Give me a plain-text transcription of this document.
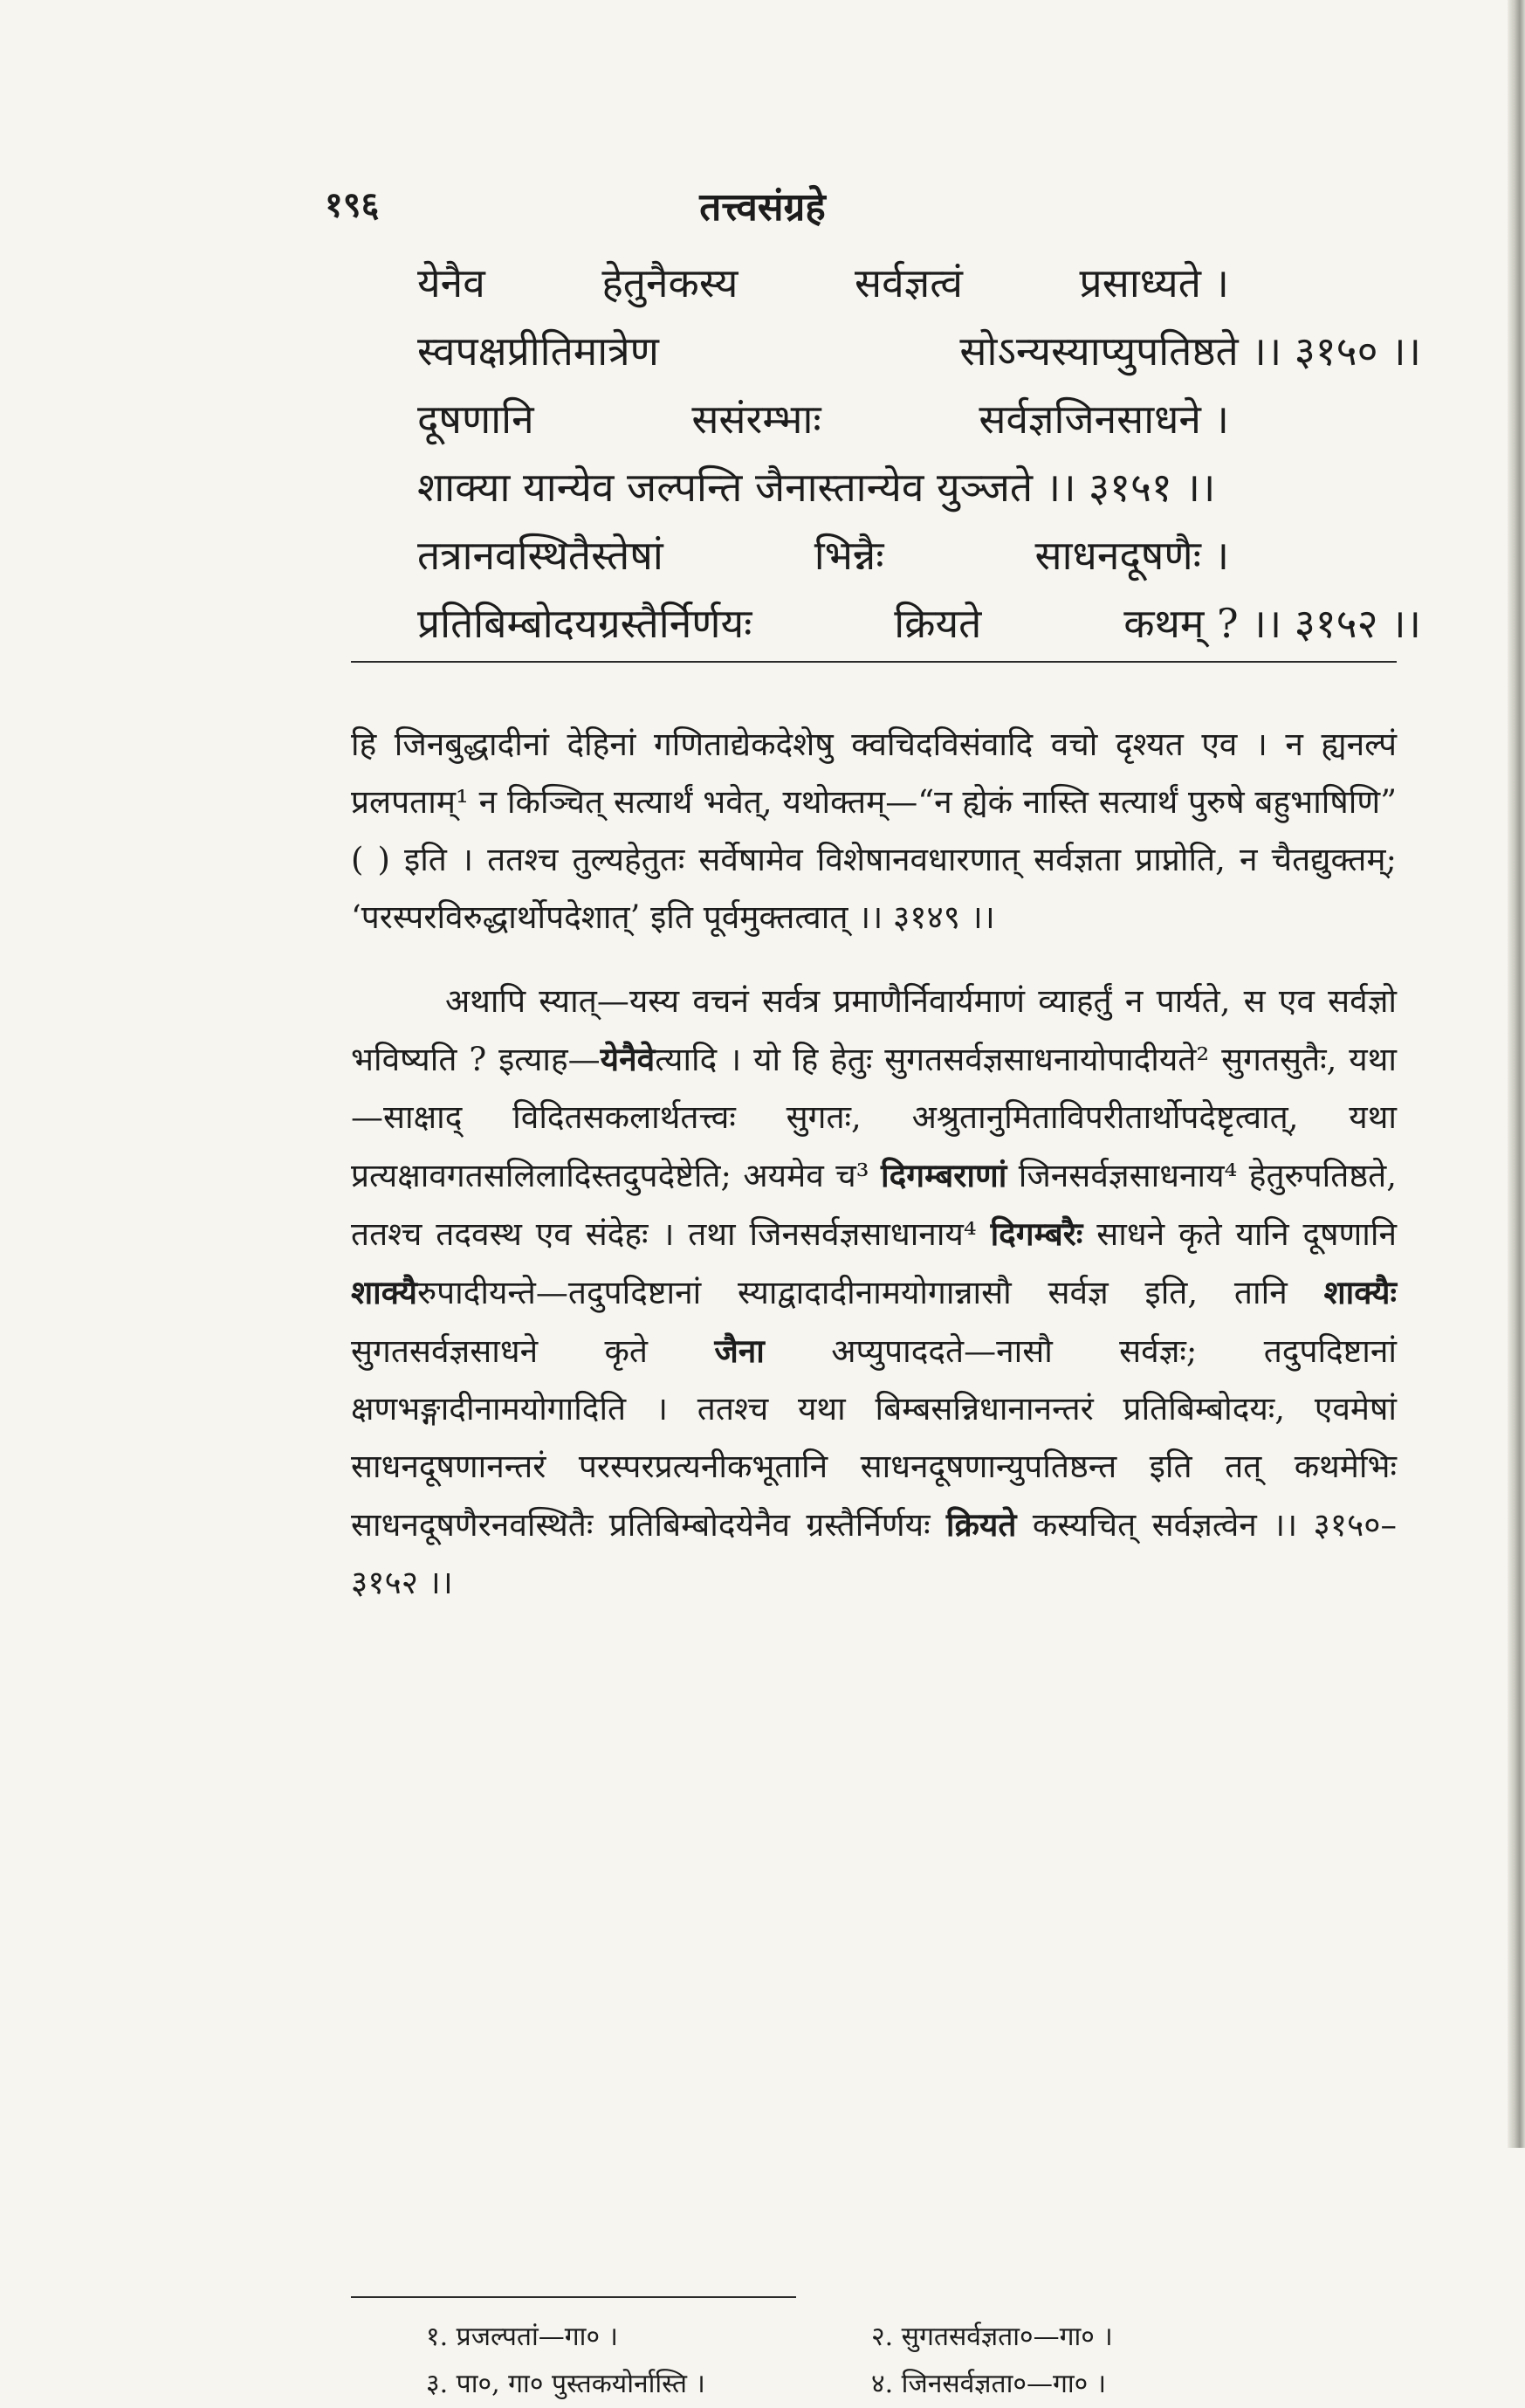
१९६	तत्त्वसंग्रहे
येनैव	हेतुनैकस्य	सर्वज्ञत्वं	प्रसाध्यते ।
स्वपक्षप्रीतिमात्रेण	सोऽन्यस्याप्युपतिष्ठते ।। ३१५० ।।
दूषणानि	ससंरम्भाः	सर्वज्ञजिनसाधने ।
शाक्या यान्येव जल्पन्ति जैनास्तान्येव युञ्जते ।। ३१५१ ।।
तत्रानवस्थितैस्तेषां	भिन्नैः	साधनदूषणैः ।
प्रतिबिम्बोदयग्रस्तैर्निर्णयः	क्रियते	कथम् ? ।। ३१५२ ।।

हि जिनबुद्धादीनां देहिनां गणिताद्येकदेशेषु क्वचिदविसंवादि वचो दृश्यत एव । न ह्यनल्पं प्रलपताम्¹ न किञ्चित् सत्यार्थं भवेत्, यथोक्तम्—“न ह्येकं नास्ति सत्यार्थं पुरुषे बहुभाषिणि” ( ) इति । ततश्च तुल्यहेतुतः सर्वेषामेव विशेषानवधारणात् सर्वज्ञता प्राप्नोति, न चैतद्युक्तम्; ‘परस्परविरुद्धार्थोपदेशात्’ इति पूर्वमुक्तत्वात् ।। ३१४९ ।।

अथापि स्यात्—यस्य वचनं सर्वत्र प्रमाणैर्निवार्यमाणं व्याहर्तुं न पार्यते, स एव सर्वज्ञो भविष्यति ? इत्याह—येनैवेत्यादि । यो हि हेतुः सुगतसर्वज्ञसाधनायोपादीयते² सुगतसुतैः, यथा—साक्षाद् विदितसकलार्थतत्त्वः सुगतः, अश्रुतानुमिताविपरीतार्थोपदेष्टृत्वात्, यथा प्रत्यक्षावगतसलिलादिस्तदुपदेष्टेति; अयमेव च³ दिगम्बराणां जिनसर्वज्ञसाधनाय⁴ हेतुरुपतिष्ठते, ततश्च तदवस्थ एव संदेहः । तथा जिनसर्वज्ञसाधानाय⁴ दिगम्बरैः साधने कृते यानि दूषणानि शाक्यैरुपादीयन्ते—तदुपदिष्टानां स्याद्वादादीनामयोगान्नासौ सर्वज्ञ इति, तानि शाक्यैः सुगतसर्वज्ञसाधने कृते जैना अप्युपाददते—नासौ सर्वज्ञः; तदुपदिष्टानां क्षणभङ्गादीनामयोगादिति । ततश्च यथा बिम्बसन्निधानानन्तरं प्रतिबिम्बोदयः, एवमेषां साधनदूषणानन्तरं परस्परप्रत्यनीकभूतानि साधनदूषणान्युपतिष्ठन्त इति तत् कथमेभिः साधनदूषणैरनवस्थितैः प्रतिबिम्बोदयेनैव ग्रस्तैर्निर्णयः क्रियते कस्यचित् सर्वज्ञत्वेन ।। ३१५०–३१५२ ।।

१. प्रजल्पतां—गा० ।	२. सुगतसर्वज्ञता०—गा० ।
३. पा०, गा० पुस्तकयोर्नास्ति ।	४. जिनसर्वज्ञता०—गा० ।
